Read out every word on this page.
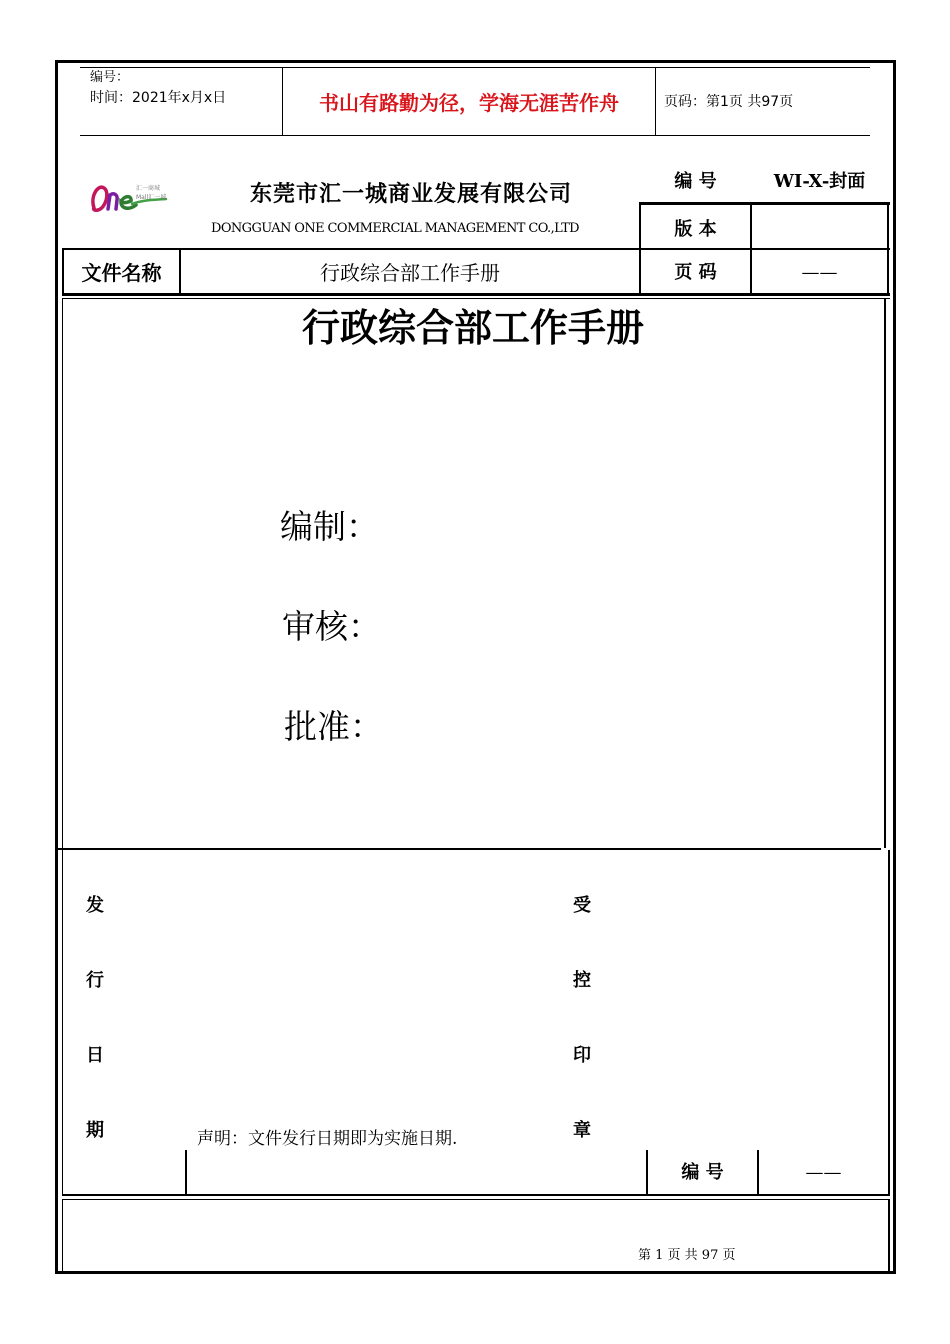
编号：
时间：2021年x月x日	书山有路勤为径，学海无涯苦作舟	页码：第1页 共97页
汇一商城
Mall汇一城	东莞市汇一城商业发展有限公司
DONGGUAN ONE COMMERCIAL MANAGEMENT CO.,LTD
编 号	WI-X-封面
版 本
文件名称	行政综合部工作手册	页 码	——
行政综合部工作手册
编制：
审核：
批准：
发
行
日
期
受
控
印
章
声明：文件发行日期即为实施日期.
编 号	——
第 1 页 共 97 页
